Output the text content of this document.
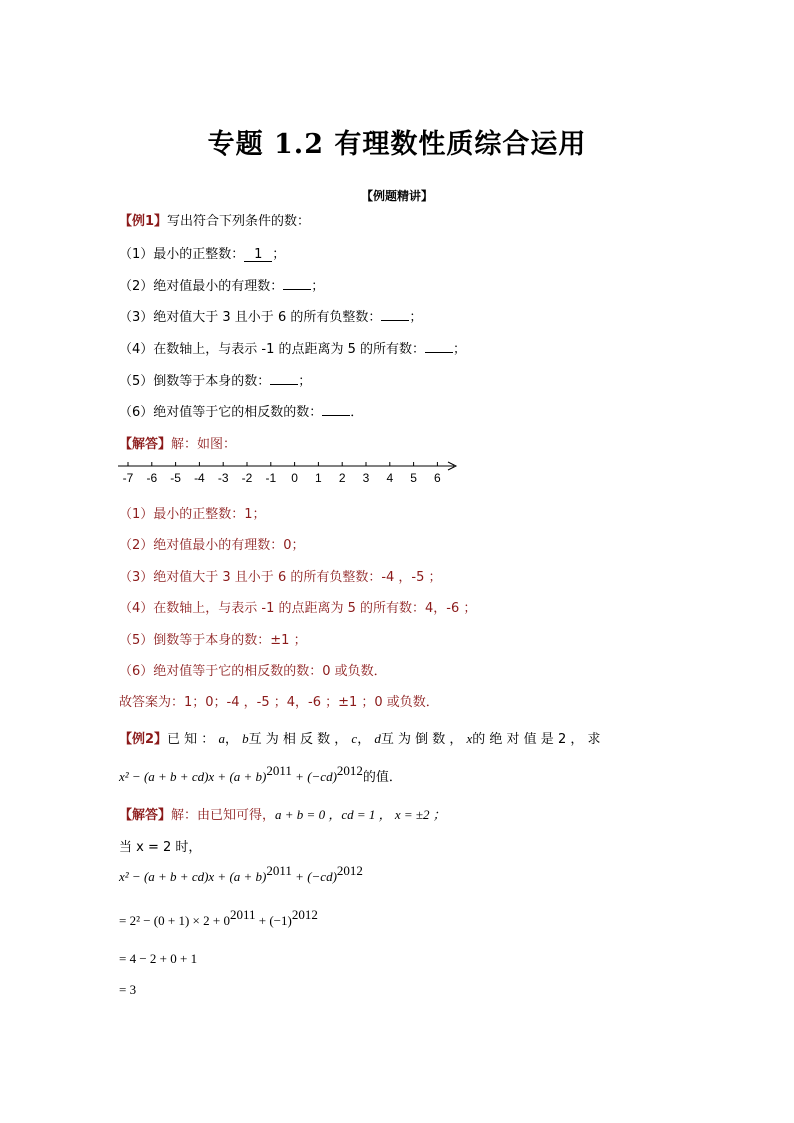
专题 1.2 有理数性质综合运用
【例题精讲】
【例1】写出符合下列条件的数：
（1）最小的正整数： 1 ；
（2）绝对值最小的有理数： ；
（3）绝对值大于 3 且小于 6 的所有负整数： ；
（4）在数轴上，与表示 -1 的点距离为 5 的所有数： ；
（5）倒数等于本身的数： ；
（6）绝对值等于它的相反数的数： ．
【解答】解：如图：
-7 -6 -5 -4 -3 -2 -1 0 1 2 3 4 5 6
（1）最小的正整数：1；
（2）绝对值最小的有理数：0；
（3）绝对值大于 3 且小于 6 的所有负整数：-4 ，-5 ；
（4）在数轴上，与表示 -1 的点距离为 5 的所有数：4，-6 ；
（5）倒数等于本身的数：±1 ；
（6）绝对值等于它的相反数的数：0 或负数．
故答案为：1；0；-4 ，-5 ；4，-6 ；±1 ；0 或负数．
【例2】已 知 ： a， b互 为 相 反 数 ， c， d互 为 倒 数 ， x的 绝 对 值 是 2 ， 求
$x^2 - (a + b + cd)x + (a + b)^{2011} + (-cd)^{2012}$的值．
【解答】解：由已知可得，a + b = 0 ，cd = 1 ， x = ±2 ；
当 x = 2 时，
$x^2 - (a + b + cd)x + (a + b)^{2011} + (-cd)^{2012}$
= $2^2 - (0 + 1) \times 2 + 0^{2011} + (-1)^{2012}$
= 4 − 2 + 0 + 1
= 3
